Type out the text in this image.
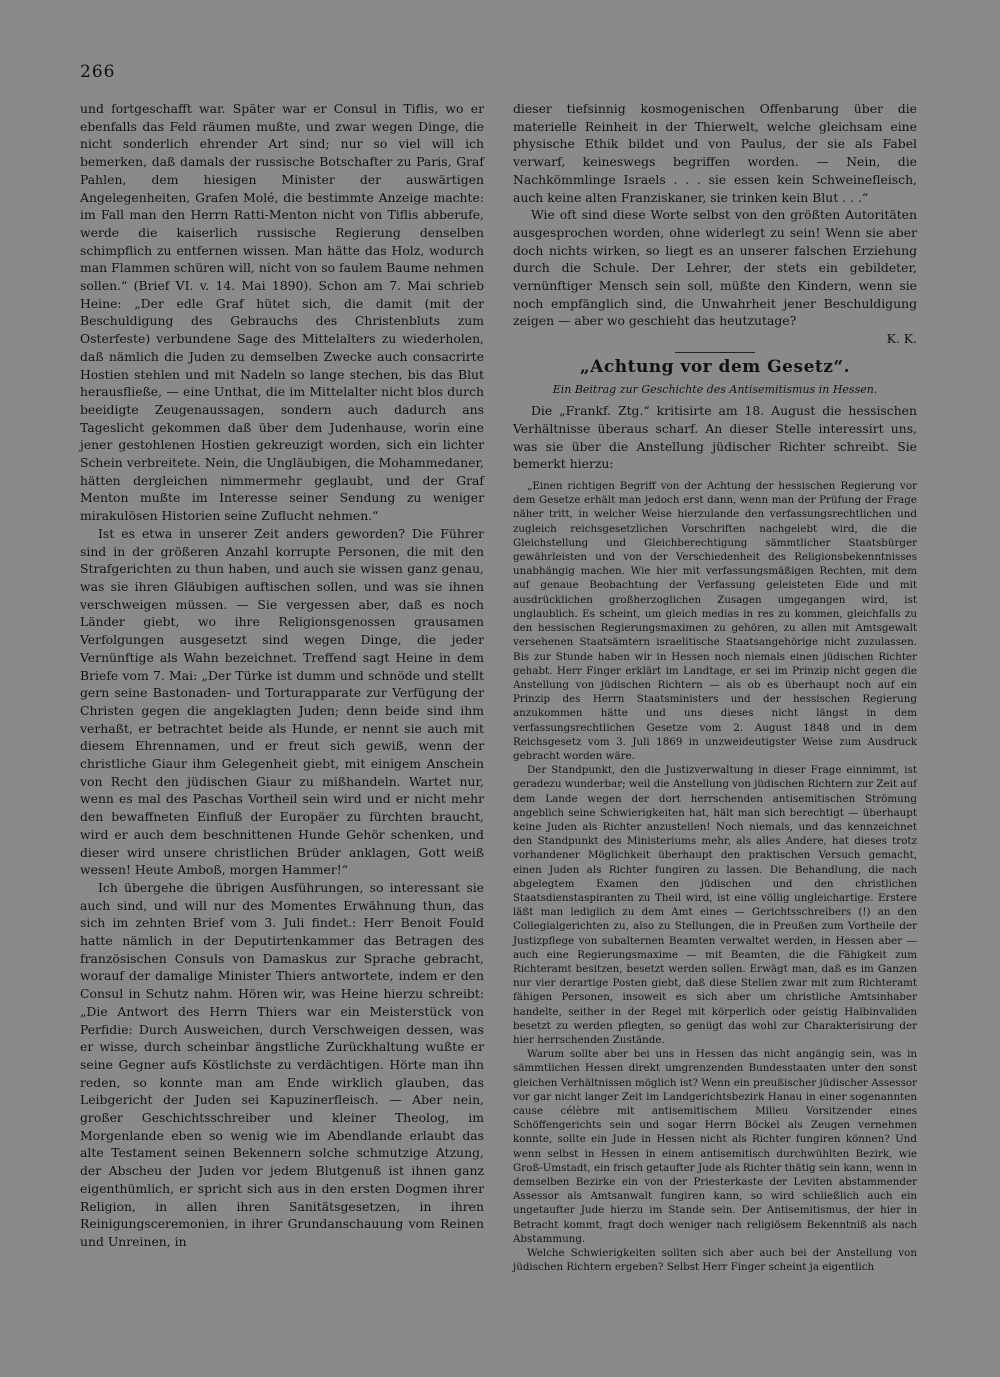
266

und fortgeschafft war. Später war er Consul in Tiflis, wo er ebenfalls das Feld räumen mußte, und zwar wegen Dinge, die nicht sonderlich ehrender Art sind; nur so viel will ich bemerken, daß damals der russische Botschafter zu Paris, Graf Pahlen, dem hiesigen Minister der auswärtigen Angelegenheiten, Grafen Molé, die bestimmte Anzeige machte: im Fall man den Herrn Ratti-Menton nicht von Tiflis abberufe, werde die kaiserlich russische Regierung denselben schimpflich zu entfernen wissen. Man hätte das Holz, wodurch man Flammen schüren will, nicht von so faulem Baume nehmen sollen.“ (Brief VI. v. 14. Mai 1890). Schon am 7. Mai schrieb Heine: „Der edle Graf hütet sich, die damit (mit der Beschuldigung des Gebrauchs des Christenbluts zum Osterfeste) verbundene Sage des Mittelalters zu wiederholen, daß nämlich die Juden zu demselben Zwecke auch consacrirte Hostien stehlen und mit Nadeln so lange stechen, bis das Blut herausfließe, — eine Unthat, die im Mittelalter nicht blos durch beeidigte Zeugenaussagen, sondern auch dadurch ans Tageslicht gekommen daß über dem Judenhause, worin eine jener gestohlenen Hostien gekreuzigt worden, sich ein lichter Schein verbreitete. Nein, die Ungläubigen, die Mohammedaner, hätten dergleichen nimmermehr geglaubt, und der Graf Menton mußte im Interesse seiner Sendung zu weniger mirakulösen Historien seine Zuflucht nehmen.“

Ist es etwa in unserer Zeit anders geworden? Die Führer sind in der größeren Anzahl korrupte Personen, die mit den Strafgerichten zu thun haben, und auch sie wissen ganz genau, was sie ihren Gläubigen auftischen sollen, und was sie ihnen verschweigen müssen. — Sie vergessen aber, daß es noch Länder giebt, wo ihre Religionsgenossen grausamen Verfolgungen ausgesetzt sind wegen Dinge, die jeder Vernünftige als Wahn bezeichnet. Treffend sagt Heine in dem Briefe vom 7. Mai: „Der Türke ist dumm und schnöde und stellt gern seine Bastonaden- und Torturapparate zur Verfügung der Christen gegen die angeklagten Juden; denn beide sind ihm verhaßt, er betrachtet beide als Hunde, er nennt sie auch mit diesem Ehrennamen, und er freut sich gewiß, wenn der christliche Giaur ihm Gelegenheit giebt, mit einigem Anschein von Recht den jüdischen Giaur zu mißhandeln. Wartet nur, wenn es mal des Paschas Vortheil sein wird und er nicht mehr den bewaffneten Einfluß der Europäer zu fürchten braucht, wird er auch dem beschnittenen Hunde Gehör schenken, und dieser wird unsere christlichen Brüder anklagen, Gott weiß wessen! Heute Amboß, morgen Hammer!“

Ich übergehe die übrigen Ausführungen, so interessant sie auch sind, und will nur des Momentes Erwähnung thun, das sich im zehnten Brief vom 3. Juli findet.: Herr Benoit Fould hatte nämlich in der Deputirtenkammer das Betragen des französischen Consuls von Damaskus zur Sprache gebracht, worauf der damalige Minister Thiers antwortete, indem er den Consul in Schutz nahm. Hören wir, was Heine hierzu schreibt: „Die Antwort des Herrn Thiers war ein Meisterstück von Perfidie: Durch Ausweichen, durch Verschweigen dessen, was er wisse, durch scheinbar ängstliche Zurückhaltung wußte er seine Gegner aufs Köstlichste zu verdächtigen. Hörte man ihn reden, so konnte man am Ende wirklich glauben, das Leibgericht der Juden sei Kapuzinerfleisch. — Aber nein, großer Geschichtsschreiber und kleiner Theolog, im Morgenlande eben so wenig wie im Abendlande erlaubt das alte Testament seinen Bekennern solche schmutzige Atzung, der Abscheu der Juden vor jedem Blutgenuß ist ihnen ganz eigenthümlich, er spricht sich aus in den ersten Dogmen ihrer Religion, in allen ihren Sanitätsgesetzen, in ihren Reinigungsceremonien, in ihrer Grundanschauung vom Reinen und Unreinen, in

dieser tiefsinnig kosmogenischen Offenbarung über die materielle Reinheit in der Thierwelt, welche gleichsam eine physische Ethik bildet und von Paulus, der sie als Fabel verwarf, keineswegs begriffen worden. — Nein, die Nachkömmlinge Israels . . . sie essen kein Schweinefleisch, auch keine alten Franziskaner, sie trinken kein Blut . . .“

Wie oft sind diese Worte selbst von den größten Autoritäten ausgesprochen worden, ohne widerlegt zu sein! Wenn sie aber doch nichts wirken, so liegt es an unserer falschen Erziehung durch die Schule. Der Lehrer, der stets ein gebildeter, vernünftiger Mensch sein soll, müßte den Kindern, wenn sie noch empfänglich sind, die Unwahrheit jener Beschuldigung zeigen — aber wo geschieht das heutzutage?

K. K.

„Achtung vor dem Gesetz“.
Ein Beitrag zur Geschichte des Antisemitismus in Hessen.

Die „Frankf. Ztg.“ kritisirte am 18. August die hessischen Verhältnisse überaus scharf. An dieser Stelle interessirt uns, was sie über die Anstellung jüdischer Richter schreibt. Sie bemerkt hierzu:

„Einen richtigen Begriff von der Achtung der hessischen Regierung vor dem Gesetze erhält man jedoch erst dann, wenn man der Prüfung der Frage näher tritt, in welcher Weise hierzulande den verfassungsrechtlichen und zugleich reichsgesetzlichen Vorschriften nachgelebt wird, die die Gleichstellung und Gleichberechtigung sämmtlicher Staatsbürger gewährleisten und von der Verschiedenheit des Religionsbekenntnisses unabhängig machen. Wie hier mit verfassungsmäßigen Rechten, mit dem auf genaue Beobachtung der Verfassung geleisteten Eide und mit ausdrücklichen großherzoglichen Zusagen umgegangen wird, ist unglaublich. Es scheint, um gleich medias in res zu kommen, gleichfalls zu den hessischen Regierungsmaximen zu gehören, zu allen mit Amtsgewalt versehenen Staatsämtern israelitische Staatsangehörige nicht zuzulassen. Bis zur Stunde haben wir in Hessen noch niemals einen jüdischen Richter gehabt. Herr Finger erklärt im Landtage, er sei im Prinzip nicht gegen die Anstellung von jüdischen Richtern — als ob es überhaupt noch auf ein Prinzip des Herrn Staatsministers und der hessischen Regierung anzukommen hätte und uns dieses nicht längst in dem verfassungsrechtlichen Gesetze vom 2. August 1848 und in dem Reichsgesetz vom 3. Juli 1869 in unzweideutigster Weise zum Ausdruck gebracht worden wäre.

Der Standpunkt, den die Justizverwaltung in dieser Frage einnimmt, ist geradezu wunderbar; weil die Anstellung von jüdischen Richtern zur Zeit auf dem Lande wegen der dort herrschenden antisemitischen Strömung angeblich seine Schwierigkeiten hat, hält man sich berechtigt — überhaupt keine Juden als Richter anzustellen! Noch niemals, und das kennzeichnet den Standpunkt des Ministeriums mehr, als alles Andere, hat dieses trotz vorhandener Möglichkeit überhaupt den praktischen Versuch gemacht, einen Juden als Richter fungiren zu lassen. Die Behandlung, die nach abgelegtem Examen den jüdischen und den christlichen Staatsdienstaspiranten zu Theil wird, ist eine völlig ungleichartige. Erstere läßt man lediglich zu dem Amt eines — Gerichtsschreibers (!) an den Collegialgerichten zu, also zu Stellungen, die in Preußen zum Vortheile der Justizpflege von subalternen Beamten verwaltet werden, in Hessen aber — auch eine Regierungsmaxime — mit Beamten, die die Fähigkeit zum Richteramt besitzen, besetzt werden sollen. Erwägt man, daß es im Ganzen nur vier derartige Posten giebt, daß diese Stellen zwar mit zum Richteramt fähigen Personen, insoweit es sich aber um christliche Amtsinhaber handelte, seither in der Regel mit körperlich oder geistig Halbinvaliden besetzt zu werden pflegten, so genügt das wohl zur Charakterisirung der hier herrschenden Zustände.

Warum sollte aber bei uns in Hessen das nicht angängig sein, was in sämmtlichen Hessen direkt umgrenzenden Bundesstaaten unter den sonst gleichen Verhältnissen möglich ist? Wenn ein preußischer jüdischer Assessor vor gar nicht langer Zeit im Landgerichtsbezirk Hanau in einer sogenannten cause célèbre mit antisemitischem Milieu Vorsitzender eines Schöffengerichts sein und sogar Herrn Böckel als Zeugen vernehmen konnte, sollte ein Jude in Hessen nicht als Richter fungiren können? Und wenn selbst in Hessen in einem antisemitisch durchwühlten Bezirk, wie Groß-Umstadt, ein frisch getaufter Jude als Richter thätig sein kann, wenn in demselben Bezirke ein von der Priesterkaste der Leviten abstammender Assessor als Amtsanwalt fungiren kann, so wird schließlich auch ein ungetaufter Jude hierzu im Stande sein. Der Antisemitismus, der hier in Betracht kommt, fragt doch weniger nach religiösem Bekenntniß als nach Abstammung.

Welche Schwierigkeiten sollten sich aber auch bei der Anstellung von jüdischen Richtern ergeben? Selbst Herr Finger scheint ja eigentlich
